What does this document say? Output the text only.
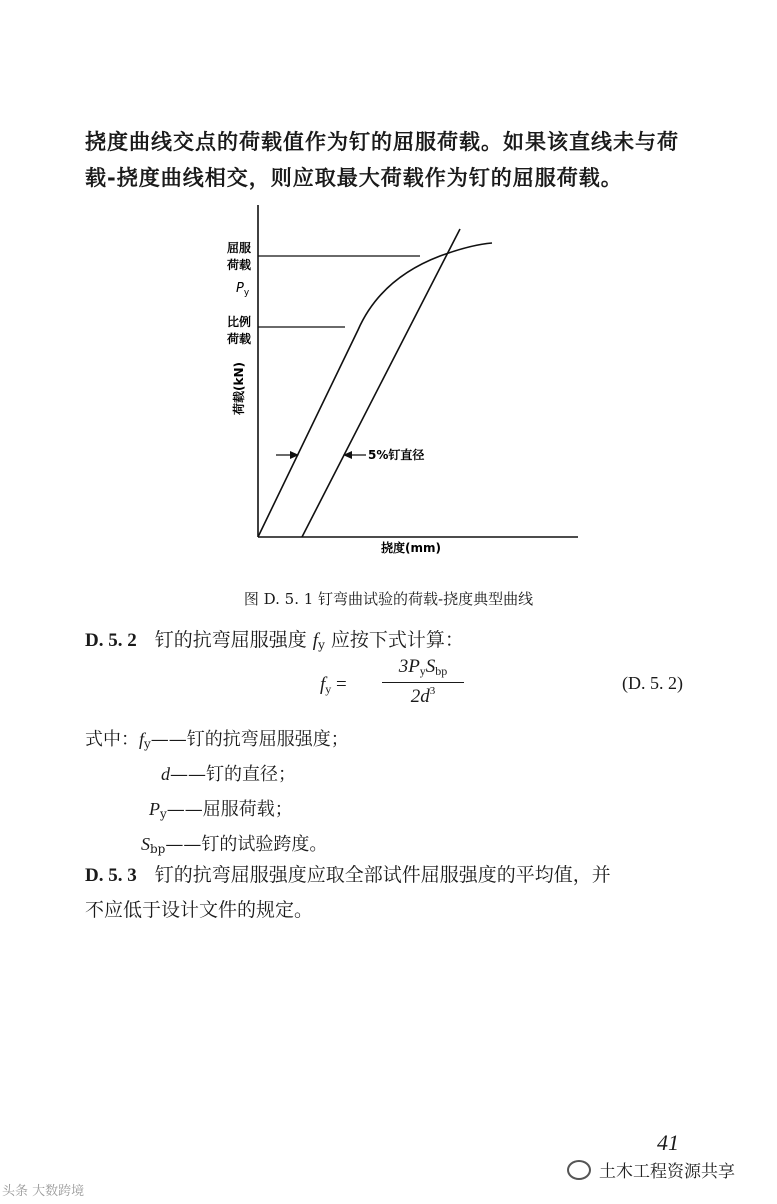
挠度曲线交点的荷载值作为钉的屈服荷载。如果该直线未与荷
载-挠度曲线相交，则应取最大荷载作为钉的屈服荷载。
屈服
荷载
$P_y$
比例
荷载
5%钉直径
挠度(mm)
荷载(kN)
图 D. 5. 1 钉弯曲试验的荷载-挠度典型曲线
D. 5. 2 钉的抗弯屈服强度 $f_y$ 应按下式计算：
$f_y$ =
$3P_yS_{bp}$
$2d^3$	(D. 5. 2)
式中：$f_y——$钉的抗弯屈服强度；
d——钉的直径；
$P_y——$屈服荷载；
$S_{bp}——$钉的试验跨度。
D. 5. 3 钉的抗弯屈服强度应取全部试件屈服强度的平均值，并
不应低于设计文件的规定。
41
头条 大数跨境
土木工程资源共享
